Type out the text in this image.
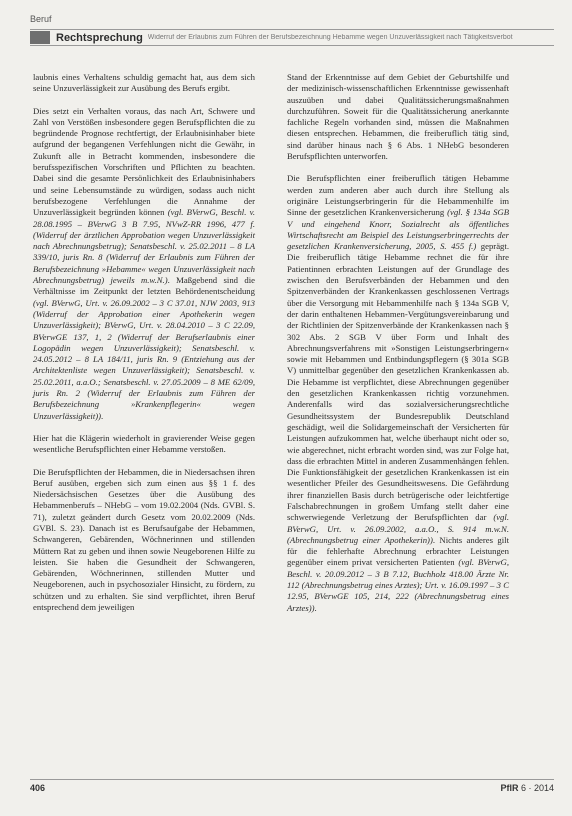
Beruf
Rechtsprechung Widerruf der Erlaubnis zum Führen der Berufsbezeichnung Hebamme wegen Unzuverlässigkeit nach Tätigkeitsverbot

laubnis eines Verhaltens schuldig gemacht hat, aus dem sich seine Unzuverlässigkeit zur Ausübung des Berufs ergibt.

Dies setzt ein Verhalten voraus, das nach Art, Schwere und Zahl von Verstößen insbesondere gegen Berufspflichten die zu begründende Prognose rechtfertigt, der Erlaubnisinhaber biete aufgrund der begangenen Verfehlungen nicht die Gewähr, in Zukunft alle in Betracht kommenden, insbesondere die berufsspezifischen Vorschriften und Pflichten zu beachten. Dabei sind die gesamte Persönlichkeit des Erlaubnisinhabers und seine Lebensumstände zu würdigen, sodass auch nicht berufsbezogene Verfehlungen die Annahme der Unzuverlässigkeit begründen können (vgl. BVerwG, Beschl. v. 28.08.1995 – BVerwG 3 B 7.95, NVwZ-RR 1996, 477 f. (Widerruf der ärztlichen Approbation wegen Unzuverlässigkeit nach Abrechnungsbetrug); Senatsbeschl. v. 25.02.2011 – 8 LA 339/10, juris Rn. 8 (Widerruf der Erlaubnis zum Führen der Berufsbezeichnung »Hebamme« wegen Unzuverlässigkeit nach Abrechnungsbetrug) jeweils m.w.N.). Maßgebend sind die Verhältnisse im Zeitpunkt der letzten Behördenentscheidung (vgl. BVerwG, Urt. v. 26.09.2002 – 3 C 37.01, NJW 2003, 913 (Widerruf der Approbation einer Apothekerin wegen Unzuverlässigkeit); BVerwG, Urt. v. 28.04.2010 – 3 C 22.09, BVerwGE 137, 1, 2 (Widerruf der Berufserlaubnis einer Logopädin wegen Unzuverlässigkeit); Senatsbeschl. v. 24.05.2012 – 8 LA 184/11, juris Rn. 9 (Entziehung aus der Architektenliste wegen Unzuverlässigkeit); Senatsbeschl. v. 25.02.2011, a.a.O.; Senatsbeschl. v. 27.05.2009 – 8 ME 62/09, juris Rn. 2 (Widerruf der Erlaubnis zum Führen der Berufsbezeichnung »Krankenpflegerin« wegen Unzuverlässigkeit)).

Hier hat die Klägerin wiederholt in gravierender Weise gegen wesentliche Berufspflichten einer Hebamme verstoßen.

Die Berufspflichten der Hebammen, die in Niedersachsen ihren Beruf ausüben, ergeben sich zum einen aus §§ 1 f. des Niedersächsischen Gesetzes über die Ausübung des Hebammenberufs – NHebG – vom 19.02.2004 (Nds. GVBl. S. 71), zuletzt geändert durch Gesetz vom 20.02.2009 (Nds. GVBl. S. 23). Danach ist es Berufsaufgabe der Hebammen, Schwangeren, Gebärenden, Wöchnerinnen und stillenden Müttern Rat zu geben und ihnen sowie Neugeborenen Hilfe zu leisten. Sie haben die Gesundheit der Schwangeren, Gebärenden, Wöchnerinnen, stillenden Mutter und Neugeborenen, auch in psychosozialer Hinsicht, zu fördern, zu schützen und zu erhalten. Sie sind verpflichtet, ihren Beruf entsprechend dem jeweiligen

Stand der Erkenntnisse auf dem Gebiet der Geburtshilfe und der medizinisch-wissenschaftlichen Erkenntnisse gewissenhaft auszuüben und dabei Qualitätssicherungsmaßnahmen durchzuführen. Soweit für die Qualitätssicherung anerkannte fachliche Regeln vorhanden sind, müssen die Maßnahmen diesen entsprechen. Hebammen, die freiberuflich tätig sind, sind darüber hinaus nach § 6 Abs. 1 NHebG besonderen Berufspflichten unterworfen.

Die Berufspflichten einer freiberuflich tätigen Hebamme werden zum anderen aber auch durch ihre Stellung als originäre Leistungserbringerin für die Hebammenhilfe im Sinne der gesetzlichen Krankenversicherung (vgl. § 134a SGB V und eingehend Knorr, Sozialrecht als öffentliches Wirtschaftsrecht am Beispiel des Leistungserbringerrechts der gesetzlichen Krankenversicherung, 2005, S. 455 f.) geprägt. Die freiberuflich tätige Hebamme rechnet die für ihre Patientinnen erbrachten Leistungen auf der Grundlage des zwischen den Berufsverbänden der Hebammen und den Spitzenverbänden der Krankenkassen geschlossenen Vertrags über die Versorgung mit Hebammenhilfe nach § 134a SGB V, der darin enthaltenen Hebammen-Vergütungsvereinbarung und der Richtlinien der Spitzenverbände der Krankenkassen nach § 302 Abs. 2 SGB V über Form und Inhalt des Abrechnungsverfahrens mit »Sonstigen Leistungserbringern« sowie mit Hebammen und Entbindungspflegern (§ 301a SGB V) unmittelbar gegenüber den gesetzlichen Krankenkassen ab. Die Hebamme ist verpflichtet, diese Abrechnungen gegenüber den gesetzlichen Krankenkassen richtig vorzunehmen. Anderenfalls wird das sozialversicherungsrechtliche Gesundheitssystem der Bundesrepublik Deutschland geschädigt, weil die Solidargemeinschaft der Versicherten für Leistungen aufzukommen hat, welche überhaupt nicht oder so, wie abgerechnet, nicht erbracht worden sind, was zur Folge hat, dass die erbrachten Mittel in anderen Zusammenhängen fehlen. Die Funktionsfähigkeit der gesetzlichen Krankenkassen ist ein wesentlicher Pfeiler des Gesundheitswesens. Die Gefährdung ihrer finanziellen Basis durch betrügerische oder leichtfertige Falschabrechnungen in großem Umfang stellt daher eine schwerwiegende Verletzung der Berufspflichten dar (vgl. BVerwG, Urt. v. 26.09.2002, a.a.O., S. 914 m.w.N. (Abrechnungsbetrug einer Apothekerin)). Nichts anderes gilt für die fehlerhafte Abrechnung erbrachter Leistungen gegenüber einem privat versicherten Patienten (vgl. BVerwG, Beschl. v. 20.09.2012 – 3 B 7.12, Buchholz 418.00 Ärzte Nr. 112 (Abrechnungsbetrug eines Arztes); Urt. v. 16.09.1997 – 3 C 12.95, BVerwGE 105, 214, 222 (Abrechnungsbetrug eines Arztes)).

406	PflR 6 · 2014
